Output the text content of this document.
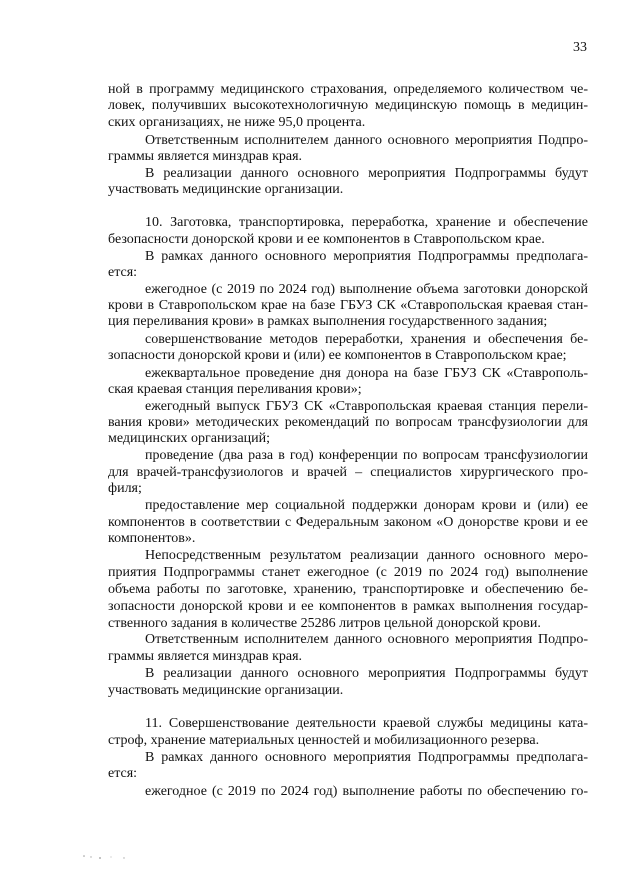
33
ной в программу медицинского страхования, определяемого количеством че-
ловек, получивших высокотехнологичную медицинскую помощь в медицин-
ских организациях, не ниже 95,0 процента.
Ответственным исполнителем данного основного мероприятия Подпро-
граммы является минздрав края.
В реализации данного основного мероприятия Подпрограммы будут
участвовать медицинские организации.
10. Заготовка, транспортировка, переработка, хранение и обеспечение
безопасности донорской крови и ее компонентов в Ставропольском крае.
В рамках данного основного мероприятия Подпрограммы предполага-
ется:
ежегодное (с 2019 по 2024 год) выполнение объема заготовки донорской
крови в Ставропольском крае на базе ГБУЗ СК «Ставропольская краевая стан-
ция переливания крови» в рамках выполнения государственного задания;
совершенствование методов переработки, хранения и обеспечения бе-
зопасности донорской крови и (или) ее компонентов в Ставропольском крае;
ежеквартальное проведение дня донора на базе ГБУЗ СК «Ставрополь-
ская краевая станция переливания крови»;
ежегодный выпуск ГБУЗ СК «Ставропольская краевая станция перели-
вания крови» методических рекомендаций по вопросам трансфузиологии для
медицинских организаций;
проведение (два раза в год) конференции по вопросам трансфузиологии
для врачей-трансфузиологов и врачей – специалистов хирургического про-
филя;
предоставление мер социальной поддержки донорам крови и (или) ее
компонентов в соответствии с Федеральным законом «О донорстве крови и ее
компонентов».
Непосредственным результатом реализации данного основного меро-
приятия Подпрограммы станет ежегодное (с 2019 по 2024 год) выполнение
объема работы по заготовке, хранению, транспортировке и обеспечению бе-
зопасности донорской крови и ее компонентов в рамках выполнения государ-
ственного задания в количестве 25286 литров цельной донорской крови.
Ответственным исполнителем данного основного мероприятия Подпро-
граммы является минздрав края.
В реализации данного основного мероприятия Подпрограммы будут
участвовать медицинские организации.
11. Совершенствование деятельности краевой службы медицины ката-
строф, хранение материальных ценностей и мобилизационного резерва.
В рамках данного основного мероприятия Подпрограммы предполага-
ется:
ежегодное (с 2019 по 2024 год) выполнение работы по обеспечению го-
